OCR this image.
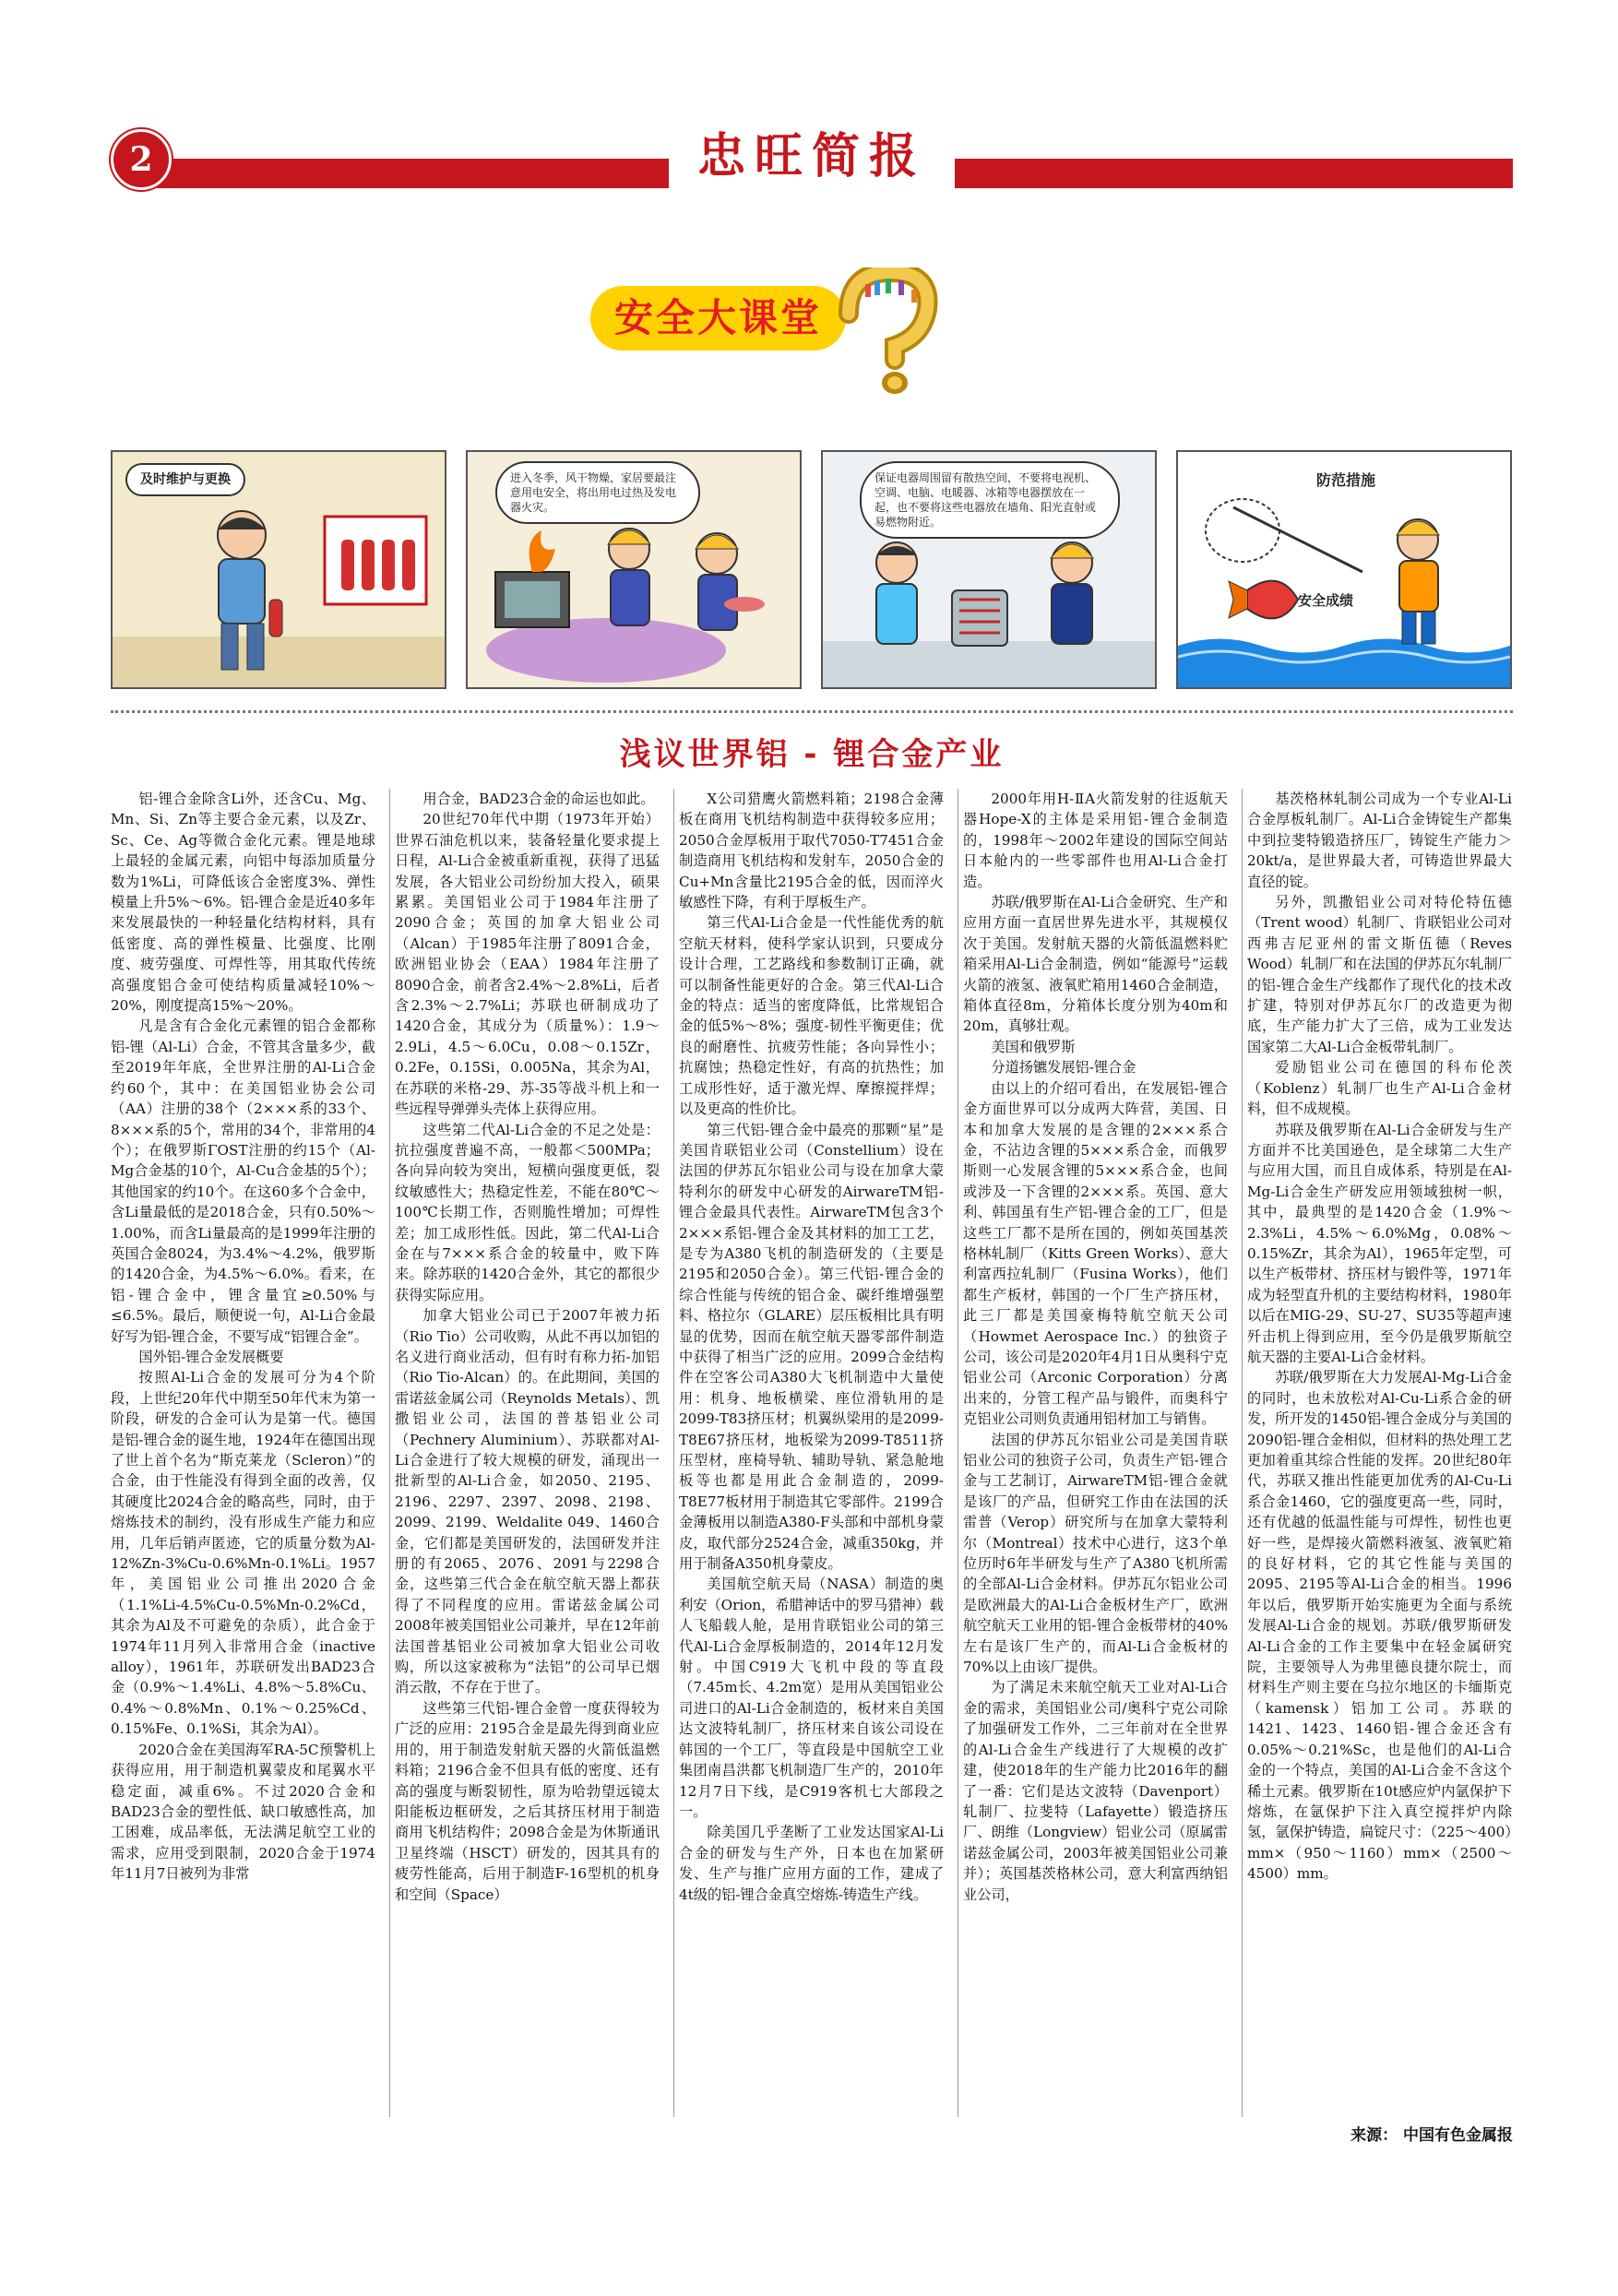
2020 年 12 月 31 日 星期四	责任编辑：果文辉 版面设计：崔丽卿
2	忠旺简报
安全大课堂
及时维护与更换	进入冬季，风干物燥，家居要最注意用电安全，将出用电过热及发电器火灾。
保证电器周围留有散热空间，不要将电视机、空调、电脑、电暖器、冰箱等电器摆放在一起，也不要将这些电器放在墙角、阳光直射或易燃物附近。
防范措施
安全成绩
浅议世界铝 - 锂合金产业

铝-锂合金除含Li外，还含Cu、Mg、Mn、Si、Zn等主要合金元素，以及Zr、Sc、Ce、Ag等微合金化元素。锂是地球上最轻的金属元素，向铝中每添加质量分数为1%Li，可降低该合金密度3%、弹性模量上升5%～6%。铝-锂合金是近40多年来发展最快的一种轻量化结构材料，具有低密度、高的弹性模量、比强度、比刚度、疲劳强度、可焊性等，用其取代传统高强度铝合金可使结构质量减轻10%～20%，刚度提高15%～20%。

凡是含有合金化元素锂的铝合金都称铝-锂（Al-Li）合金，不管其含量多少，截至2019年年底，全世界注册的Al-Li合金约60个，其中：在美国铝业协会公司（AA）注册的38个（2×××系的33个、8×××系的5个，常用的34个，非常用的4个）；在俄罗斯ΓOST注册的约15个（Al-Mg合金基的10个，Al-Cu合金基的5个）；其他国家的约10个。在这60多个合金中，含Li量最低的是2018合金，只有0.50%～1.00%，而含Li量最高的是1999年注册的英国合金8024，为3.4%～4.2%，俄罗斯的1420合金，为4.5%～6.0%。看来，在铝-锂合金中，锂含量宜≥0.50%与≤6.5%。最后，顺便说一句，Al-Li合金最好写为铝-锂合金，不要写成“铝锂合金”。

国外铝-锂合金发展概要

按照Al-Li合金的发展可分为4个阶段，上世纪20年代中期至50年代末为第一阶段，研发的合金可认为是第一代。德国是铝-锂合金的诞生地，1924年在德国出现了世上首个名为“斯克莱龙（Scleron）”的合金，由于性能没有得到全面的改善，仅其硬度比2024合金的略高些，同时，由于熔炼技术的制约，没有形成生产能力和应用，几年后销声匿迹，它的质量分数为Al-12%Zn-3%Cu-0.6%Mn-0.1%Li。1957年，美国铝业公司推出2020合金（1.1%Li-4.5%Cu-0.5%Mn-0.2%Cd，其余为Al及不可避免的杂质），此合金于1974年11月列入非常用合金（inactive alloy），1961年，苏联研发出BAD23合金（0.9%～1.4%Li、4.8%～5.8%Cu、0.4%～0.8%Mn、0.1%～0.25%Cd、0.15%Fe、0.1%Si，其余为Al）。

2020合金在美国海军RA-5C预警机上获得应用，用于制造机翼蒙皮和尾翼水平稳定面，减重6%。不过2020合金和BAD23合金的塑性低、缺口敏感性高，加工困难，成品率低，无法满足航空工业的需求，应用受到限制，2020合金于1974年11月7日被列为非常

用合金，BAD23合金的命运也如此。

20世纪70年代中期（1973年开始）世界石油危机以来，装备轻量化要求提上日程，Al-Li合金被重新重视，获得了迅猛发展，各大铝业公司纷纷加大投入，硕果累累。美国铝业公司于1984年注册了2090合金；英国的加拿大铝业公司（Alcan）于1985年注册了8091合金，欧洲铝业协会（EAA）1984年注册了8090合金，前者含2.4%～2.8%Li，后者含2.3%～2.7%Li；苏联也研制成功了1420合金，其成分为（质量%）：1.9～2.9Li，4.5～6.0Cu，0.08～0.15Zr，0.2Fe，0.15Si，0.005Na，其余为Al，在苏联的米格-29、苏-35等战斗机上和一些远程导弹弹头壳体上获得应用。

这些第二代Al-Li合金的不足之处是：抗拉强度普遍不高，一般都＜500MPa；各向异向较为突出，短横向强度更低，裂纹敏感性大；热稳定性差，不能在80℃～100℃长期工作，否则脆性增加；可焊性差；加工成形性低。因此，第二代Al-Li合金在与7×××系合金的较量中，败下阵来。除苏联的1420合金外，其它的都很少获得实际应用。

加拿大铝业公司已于2007年被力拓（Rio Tio）公司收购，从此不再以加铝的名义进行商业活动，但有时有称力拓-加铝（Rio Tio-Alcan）的。在此期间，美国的雷诺兹金属公司（Reynolds Metals）、凯撒铝业公司，法国的普基铝业公司（Pechnery Aluminium）、苏联都对Al-Li合金进行了较大规模的研发，涌现出一批新型的Al-Li合金，如2050、2195、2196、2297、2397、2098、2198、2099、2199、Weldalite 049、1460合金，它们都是美国研发的，法国研发并注册的有2065、2076、2091与2298合金，这些第三代合金在航空航天器上都获得了不同程度的应用。雷诺兹金属公司2008年被美国铝业公司兼并，早在12年前法国普基铝业公司被加拿大铝业公司收购，所以这家被称为“法铝”的公司早已烟消云散，不存在于世了。

这些第三代铝-锂合金曾一度获得较为广泛的应用：2195合金是最先得到商业应用的，用于制造发射航天器的火箭低温燃料箱；2196合金不但具有低的密度、还有高的强度与断裂韧性，原为哈勃望远镜太阳能板边框研发，之后其挤压材用于制造商用飞机结构件；2098合金是为休斯通讯卫星终端（HSCT）研发的，因其具有的疲劳性能高，后用于制造F-16型机的机身和空间（Space）

X公司猎鹰火箭燃料箱；2198合金薄板在商用飞机结构制造中获得较多应用；2050合金厚板用于取代7050-T7451合金制造商用飞机结构和发射车，2050合金的Cu+Mn含量比2195合金的低，因而淬火敏感性下降，有利于厚板生产。

第三代Al-Li合金是一代性能优秀的航空航天材料，使科学家认识到，只要成分设计合理，工艺路线和参数制订正确，就可以制备性能更好的合金。第三代Al-Li合金的特点：适当的密度降低，比常规铝合金的低5%～8%；强度-韧性平衡更佳；优良的耐磨性、抗疲劳性能；各向异性小；抗腐蚀；热稳定性好，有高的抗热性；加工成形性好，适于激光焊、摩擦搅拌焊；以及更高的性价比。

第三代铝-锂合金中最亮的那颗“星”是美国肯联铝业公司（Constellium）设在法国的伊苏瓦尔铝业公司与设在加拿大蒙特利尔的研发中心研发的AirwareTM铝-锂合金最具代表性。AirwareTM包含3个2×××系铝-锂合金及其材料的加工工艺，是专为A380飞机的制造研发的（主要是2195和2050合金）。第三代铝-锂合金的综合性能与传统的铝合金、碳纤维增强塑料、格拉尔（GLARE）层压板相比具有明显的优势，因而在航空航天器零部件制造中获得了相当广泛的应用。2099合金结构件在空客公司A380大飞机制造中大量使用：机身、地板横梁、座位滑轨用的是2099-T83挤压材；机翼纵梁用的是2099-T8E67挤压材，地板梁为2099-T8511挤压型材，座椅导轨、辅助导轨、紧急舱地板等也都是用此合金制造的，2099-T8E77板材用于制造其它零部件。2199合金薄板用以制造A380-F头部和中部机身蒙皮，取代部分2524合金，减重350kg，并用于制备A350机身蒙皮。

美国航空航天局（NASA）制造的奥利安（Orion，希腊神话中的罗马猎神）载人飞船载人舱，是用肯联铝业公司的第三代Al-Li合金厚板制造的，2014年12月发射。中国C919大飞机中段的等直段（7.45m长、4.2m宽）是用从美国铝业公司进口的Al-Li合金制造的，板材来自美国达文波特轧制厂，挤压材来自该公司设在韩国的一个工厂，等直段是中国航空工业集团南昌洪都飞机制造厂生产的，2010年12月7日下线，是C919客机七大部段之一。

除美国几乎垄断了工业发达国家Al-Li合金的研发与生产外，日本也在加紧研发、生产与推广应用方面的工作，建成了4t级的铝-锂合金真空熔炼-铸造生产线。

2000年用H-ⅡA火箭发射的往返航天器Hope-X的主体是采用铝-锂合金制造的，1998年～2002年建设的国际空间站日本舱内的一些零部件也用Al-Li合金打造。

苏联/俄罗斯在Al-Li合金研究、生产和应用方面一直居世界先进水平，其规模仅次于美国。发射航天器的火箭低温燃料贮箱采用Al-Li合金制造，例如“能源号”运载火箭的液氢、液氧贮箱用1460合金制造，箱体直径8m，分箱体长度分别为40m和20m，真够壮观。

美国和俄罗斯

分道扬镳发展铝-锂合金

由以上的介绍可看出，在发展铝-锂合金方面世界可以分成两大阵营，美国、日本和加拿大发展的是含锂的2×××系合金，不沾边含锂的5×××系合金，而俄罗斯则一心发展含锂的5×××系合金，也间或涉及一下含锂的2×××系。英国、意大利、韩国虽有生产铝-锂合金的工厂，但是这些工厂都不是所在国的，例如英国基茨格林轧制厂（Kitts Green Works）、意大利富西拉轧制厂（Fusina Works），他们都生产板材，韩国的一个厂生产挤压材，此三厂都是美国豪梅特航空航天公司（Howmet Aerospace Inc.）的独资子公司，该公司是2020年4月1日从奥科宁克铝业公司（Arconic Corporation）分离出来的，分管工程产品与锻件，而奥科宁克铝业公司则负责通用铝材加工与销售。

法国的伊苏瓦尔铝业公司是美国肯联铝业公司的独资子公司，负责生产铝-锂合金与工艺制订，AirwareTM铝-锂合金就是该厂的产品，但研究工作由在法国的沃雷普（Verop）研究所与在加拿大蒙特利尔（Montreal）技术中心进行，这3个单位历时6年半研发与生产了A380飞机所需的全部Al-Li合金材料。伊苏瓦尔铝业公司是欧洲最大的Al-Li合金板材生产厂，欧洲航空航天工业用的铝-锂合金板带材的40%左右是该厂生产的，而Al-Li合金板材的70%以上由该厂提供。

为了满足未来航空航天工业对Al-Li合金的需求，美国铝业公司/奥科宁克公司除了加强研发工作外，二三年前对在全世界的Al-Li合金生产线进行了大规模的改扩建，使2018年的生产能力比2016年的翻了一番：它们是达文波特（Davenport）轧制厂、拉斐特（Lafayette）锻造挤压厂、朗维（Longview）铝业公司（原属雷诺兹金属公司，2003年被美国铝业公司兼并）；英国基茨格林公司，意大利富西纳铝业公司，

基茨格林轧制公司成为一个专业Al-Li合金厚板轧制厂。Al-Li合金铸锭生产都集中到拉斐特锻造挤压厂，铸锭生产能力＞20kt/a，是世界最大者，可铸造世界最大直径的锭。

另外，凯撒铝业公司对特伦特伍德（Trent wood）轧制厂、肯联铝业公司对西弗吉尼亚州的雷文斯伍德（Reves Wood）轧制厂和在法国的伊苏瓦尔轧制厂的铝-锂合金生产线都作了现代化的技术改扩建，特别对伊苏瓦尔厂的改造更为彻底，生产能力扩大了三倍，成为工业发达国家第二大Al-Li合金板带轧制厂。

爱励铝业公司在德国的科布伦茨（Koblenz）轧制厂也生产Al-Li合金材料，但不成规模。

苏联及俄罗斯在Al-Li合金研发与生产方面并不比美国逊色，是全球第二大生产与应用大国，而且自成体系，特别是在Al-Mg-Li合金生产研发应用领域独树一帜，其中，最典型的是1420合金（1.9%～2.3%Li，4.5%～6.0%Mg，0.08%～0.15%Zr，其余为Al），1965年定型，可以生产板带材、挤压材与锻件等，1971年成为轻型直升机的主要结构材料，1980年以后在MIG-29、SU-27、SU35等超声速歼击机上得到应用，至今仍是俄罗斯航空航天器的主要Al-Li合金材料。

苏联/俄罗斯在大力发展Al-Mg-Li合金的同时，也未放松对Al-Cu-Li系合金的研发，所开发的1450铝-锂合金成分与美国的2090铝-锂合金相似，但材料的热处理工艺更加着重其综合性能的发挥。20世纪80年代，苏联又推出性能更加优秀的Al-Cu-Li系合金1460，它的强度更高一些，同时，还有优越的低温性能与可焊性，韧性也更好一些，是焊接火箭燃料液氢、液氧贮箱的良好材料，它的其它性能与美国的2095、2195等Al-Li合金的相当。1996年以后，俄罗斯开始实施更为全面与系统发展Al-Li合金的规划。苏联/俄罗斯研发Al-Li合金的工作主要集中在轻金属研究院，主要领导人为弗里德良捷尔院士，而材料生产则主要在乌拉尔地区的卡缅斯克（kamensk）铝加工公司。苏联的1421、1423、1460铝-锂合金还含有0.05%～0.21%Sc，也是他们的Al-Li合金的一个特点，美国的Al-Li合金不含这个稀土元素。俄罗斯在10t感应炉内氩保护下熔炼，在氩保护下注入真空搅拌炉内除氢，氩保护铸造，扁锭尺寸：（225～400）mm×（950～1160）mm×（2500～4500）mm。

来源： 中国有色金属报
